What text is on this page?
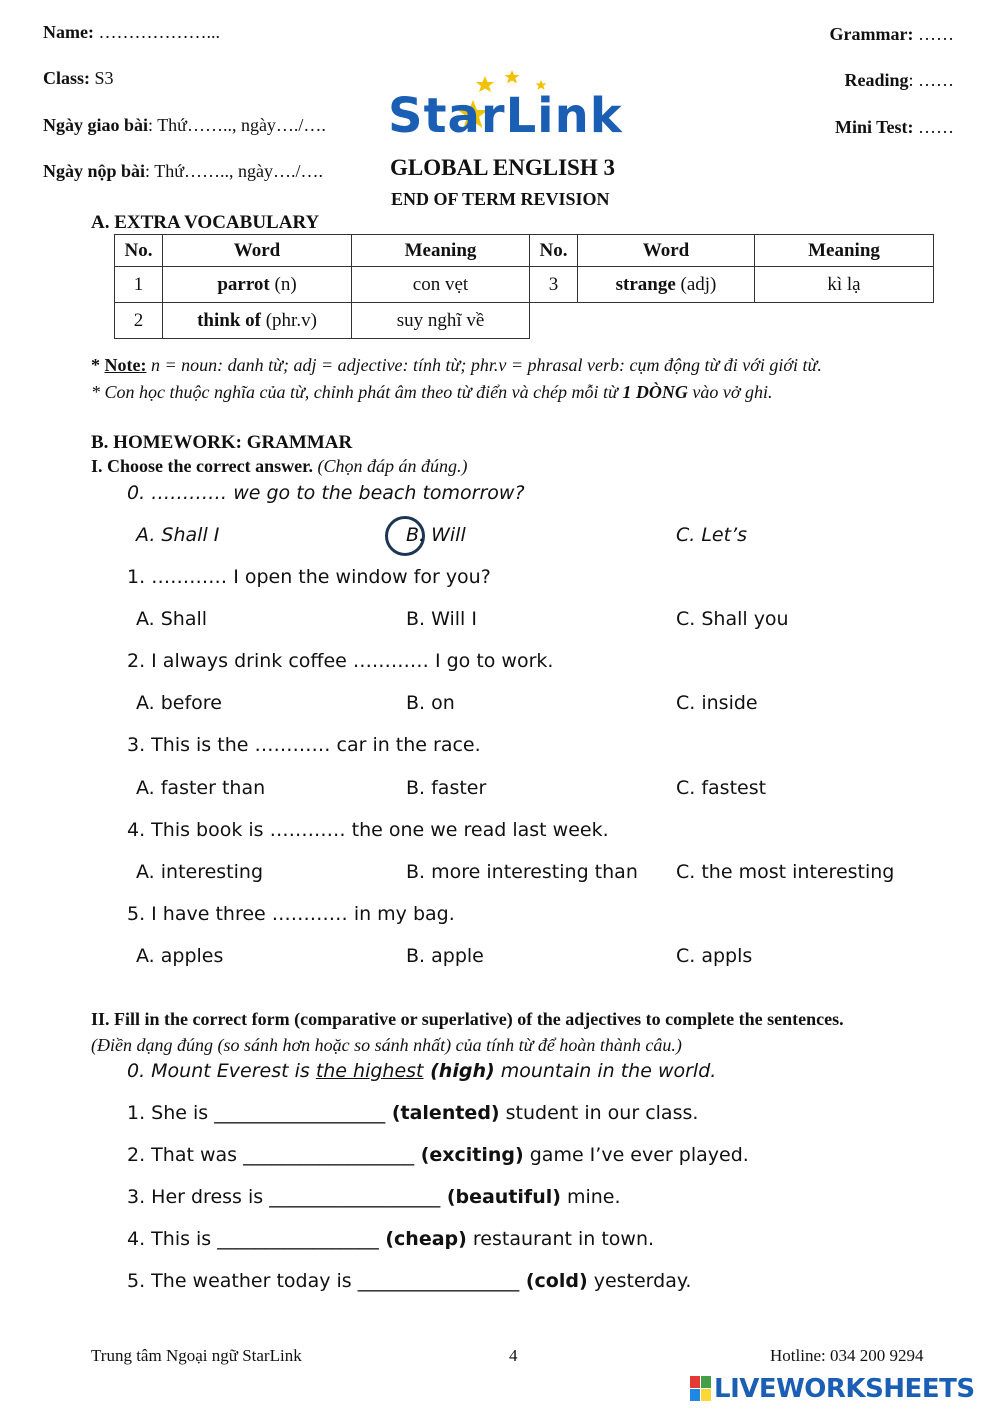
Name: ………………...
Class: S3
Ngày giao bài: Thứ…….., ngày…./….
Ngày nộp bài: Thứ…….., ngày…./….
Grammar: ……
Reading: ……
Mini Test: ……
StarLink
GLOBAL ENGLISH 3
END OF TERM REVISION
A. EXTRA VOCABULARY
No.	Word	Meaning	No.	Word	Meaning
1	parrot (n)	con vẹt	3	strange (adj)	kì lạ
2	think of (phr.v)	suy nghĩ về			
* Note: n = noun: danh từ; adj = adjective: tính từ; phr.v = phrasal verb: cụm động từ đi với giới từ.
* Con học thuộc nghĩa của từ, chỉnh phát âm theo từ điển và chép mỗi từ 1 DÒNG vào vở ghi.
B. HOMEWORK: GRAMMAR
I. Choose the correct answer. (Chọn đáp án đúng.)
0. ………… we go to the beach tomorrow?
A. Shall I	B. Will	C. Let’s
1. ………… I open the window for you?
A. Shall	B. Will I	C. Shall you
2. I always drink coffee ………… I go to work.
A. before	B. on	C. inside
3. This is the ………… car in the race.
A. faster than	B. faster	C. fastest
4. This book is ………… the one we read last week.
A. interesting	B. more interesting than C. the most interesting
5. I have three ………… in my bag.
A. apples	B. apple	C. appls
II. Fill in the correct form (comparative or superlative) of the adjectives to complete the sentences.
(Điền dạng đúng (so sánh hơn hoặc so sánh nhất) của tính từ để hoàn thành câu.)
0. Mount Everest is the highest (high) mountain in the world.
1. She is __________________ (talented) student in our class.
2. That was __________________ (exciting) game I’ve ever played.
3. Her dress is __________________ (beautiful) mine.
4. This is _________________ (cheap) restaurant in town.
5. The weather today is _________________ (cold) yesterday.
Trung tâm Ngoại ngữ StarLink	4	Hotline: 034 200 9294
LIVEWORKSHEETS
